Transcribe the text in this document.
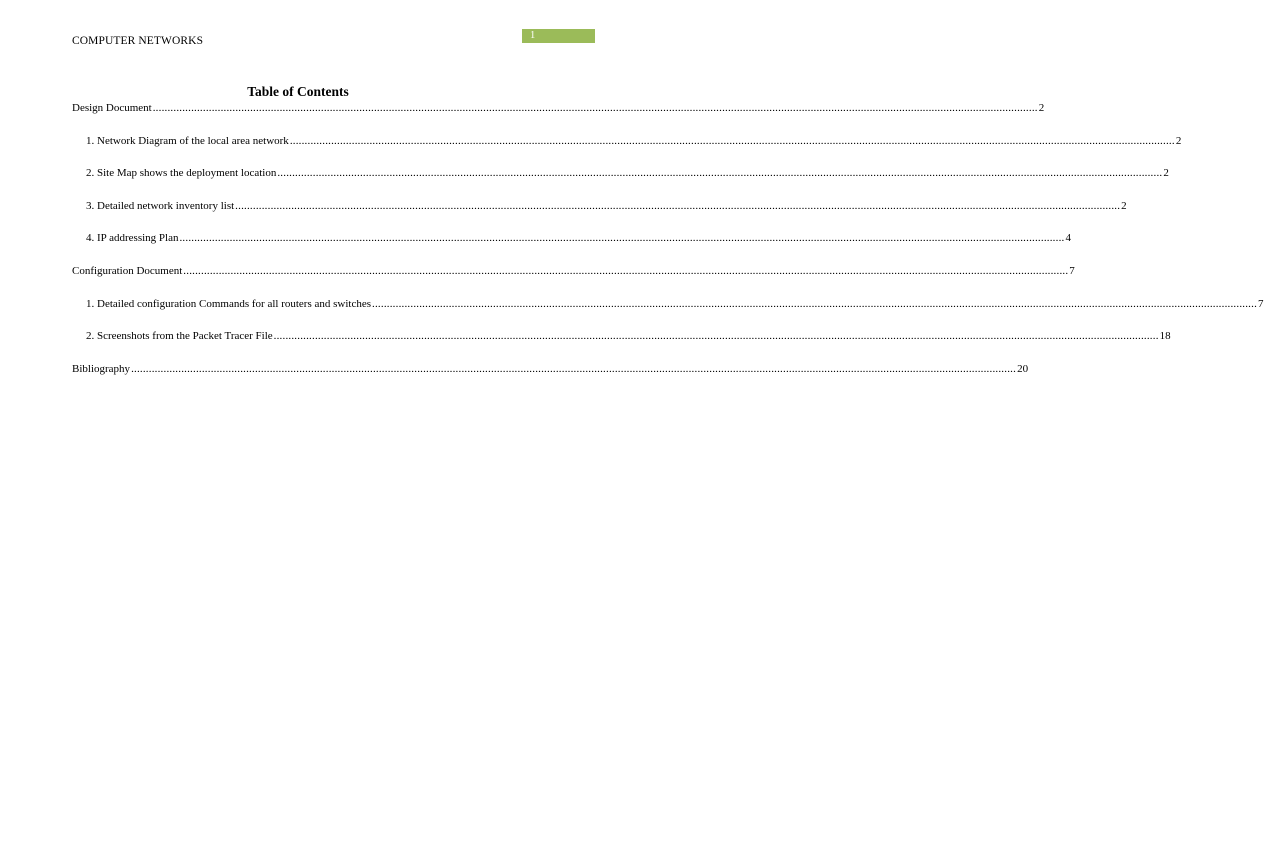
COMPUTER NETWORKS	1
Table of Contents
Design Document ............................................................................................................................................................................................................................................................................................................ 2
1. Network Diagram of the local area network ............................................................................................................................................................................................................................................................................................................ 2
2. Site Map shows the deployment location ............................................................................................................................................................................................................................................................................................................ 2
3. Detailed network inventory list ............................................................................................................................................................................................................................................................................................................ 2
4. IP addressing Plan ............................................................................................................................................................................................................................................................................................................ 4
Configuration Document ............................................................................................................................................................................................................................................................................................................ 7
1. Detailed configuration Commands for all routers and switches ............................................................................................................................................................................................................................................................................................................ 7
2. Screenshots from the Packet Tracer File ............................................................................................................................................................................................................................................................................................................ 18
Bibliography ............................................................................................................................................................................................................................................................................................................ 20
